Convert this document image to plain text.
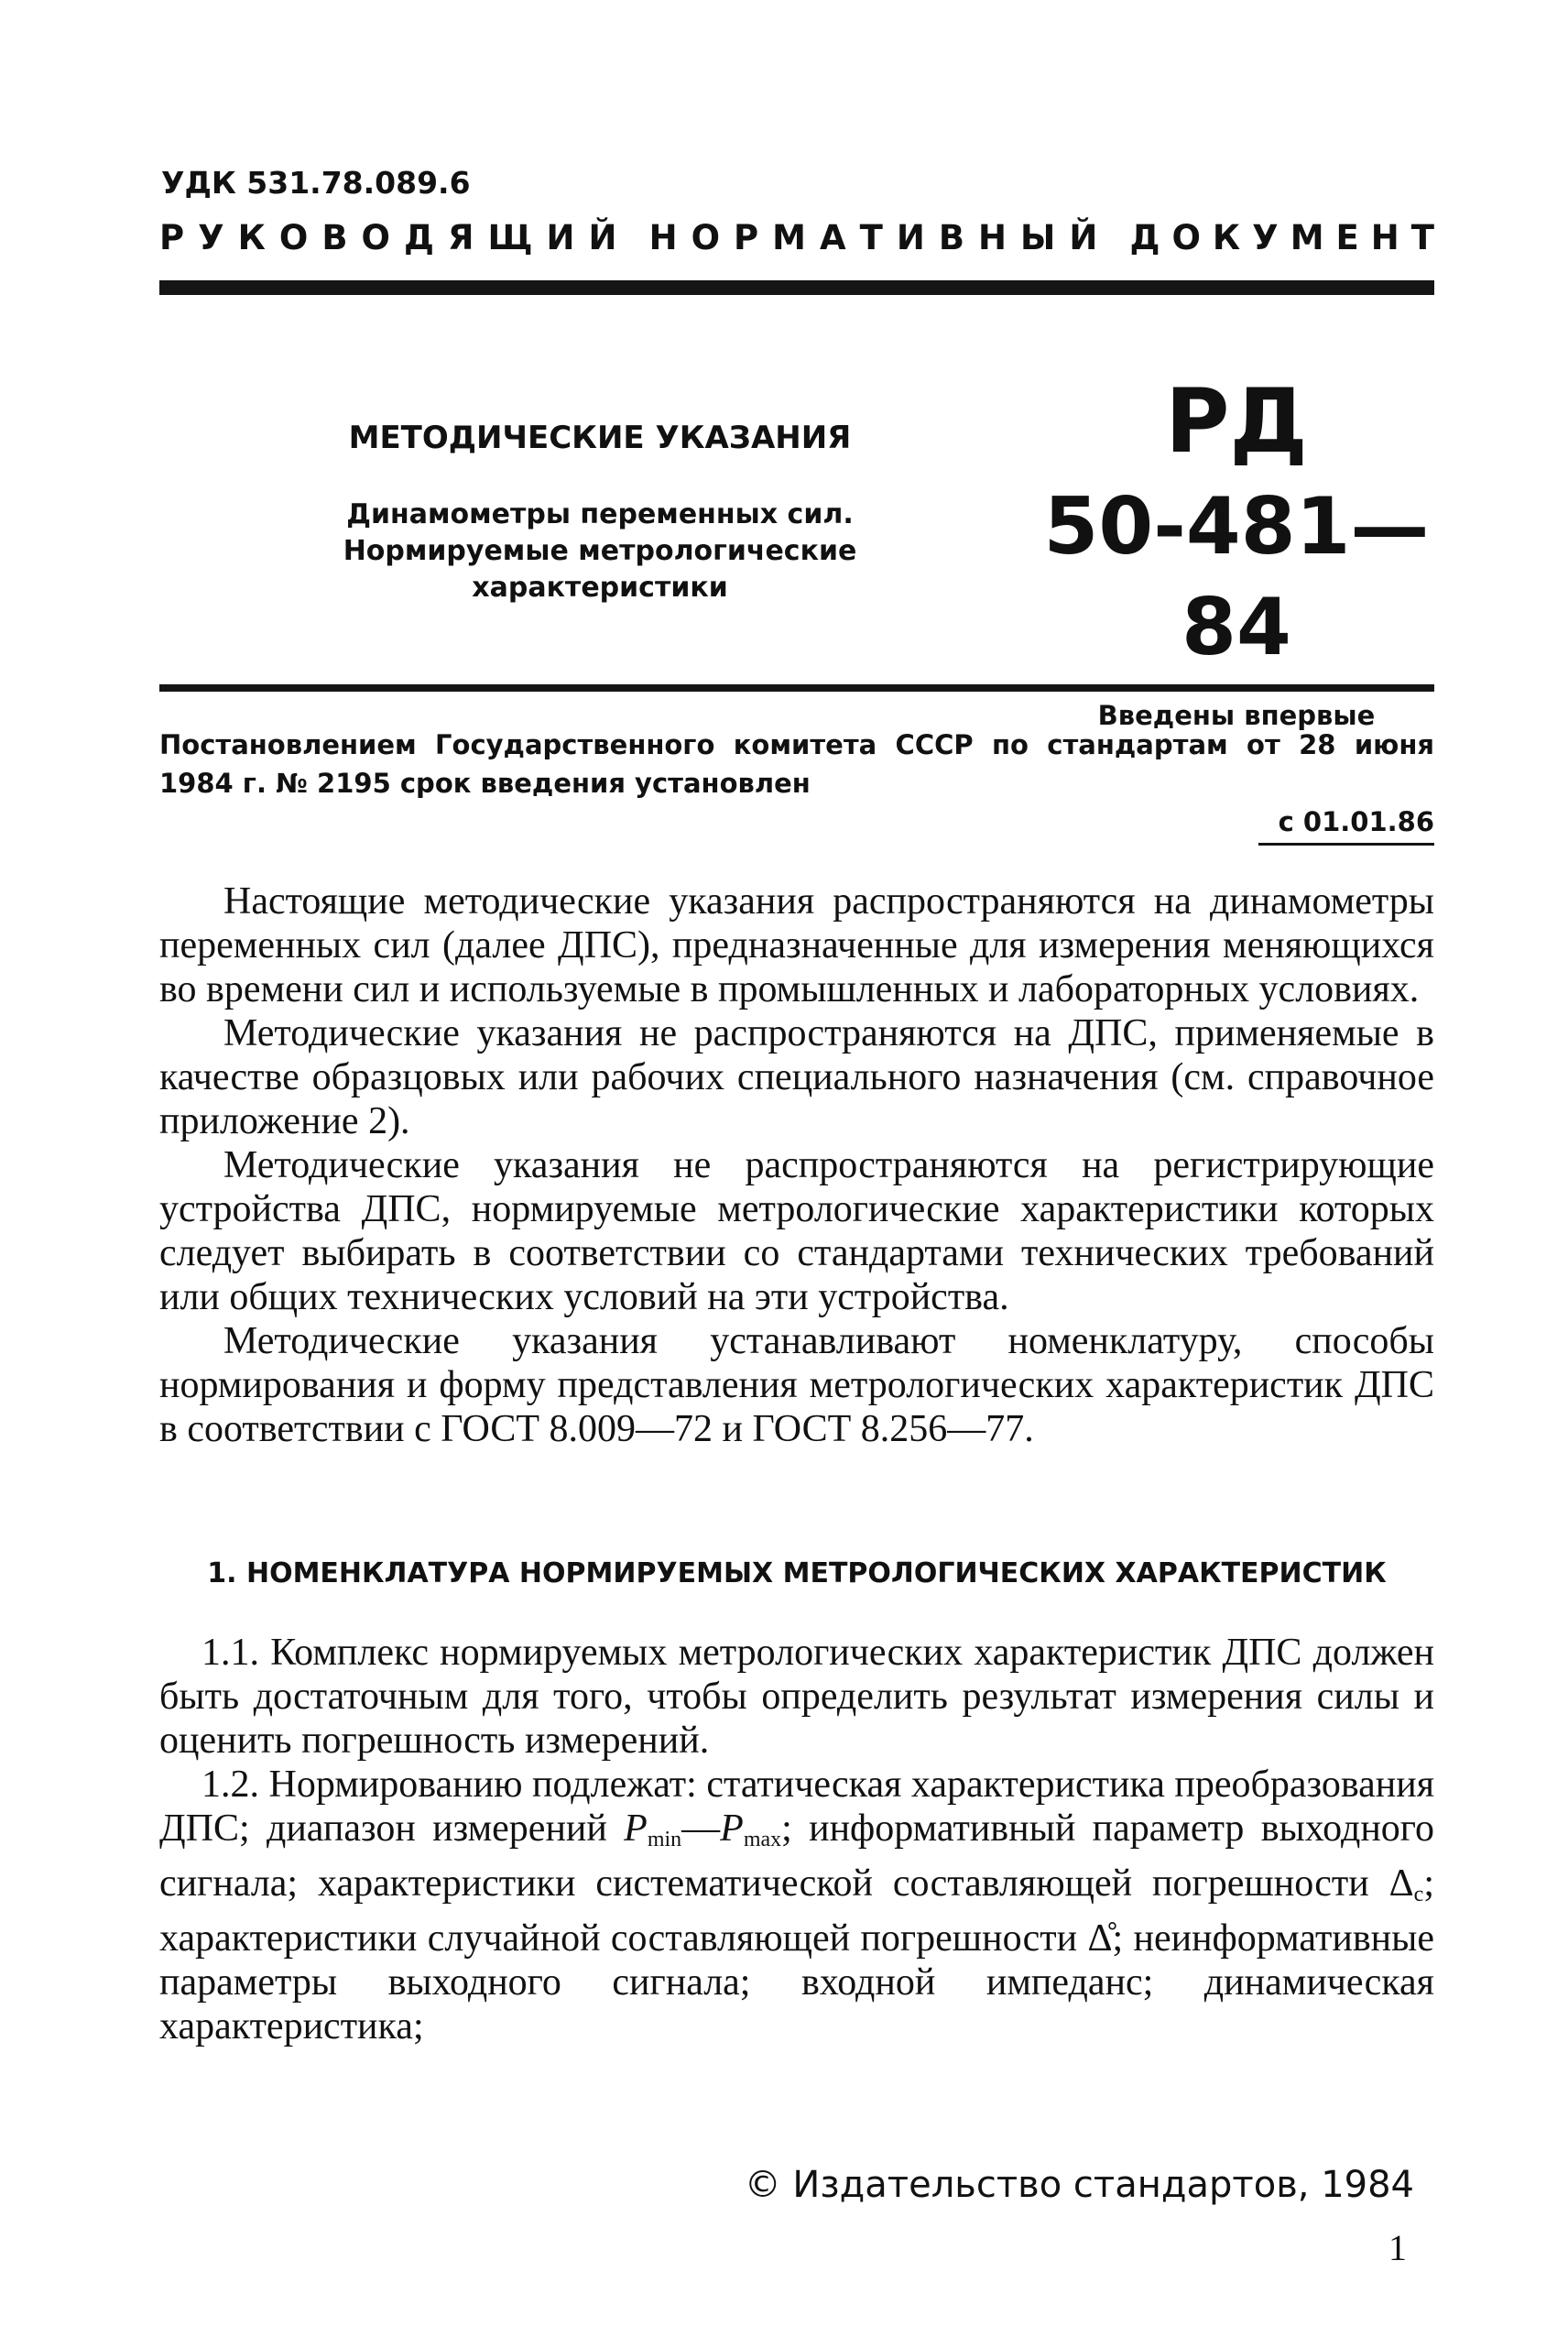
УДК 531.78.089.6
РУКОВОДЯЩИЙ НОРМАТИВНЫЙ ДОКУМЕНТ
МЕТОДИЧЕСКИЕ УКАЗАНИЯ
Динамометры переменных сил.
Нормируемые метрологические характеристики
РД
50-481—84
Введены впервые
Постановлением Государственного комитета СССР по стандартам от 28 июня 1984 г. № 2195 срок введения установлен
с 01.01.86

Настоящие методические указания распространяются на динамометры переменных сил (далее ДПС), предназначенные для измерения меняющихся во времени сил и используемые в промышленных и лабораторных условиях.

Методические указания не распространяются на ДПС, применяемые в качестве образцовых или рабочих специального назначения (см. справочное приложение 2).

Методические указания не распространяются на регистрирующие устройства ДПС, нормируемые метрологические характеристики которых следует выбирать в соответствии со стандартами технических требований или общих технических условий на эти устройства.

Методические указания устанавливают номенклатуру, способы нормирования и форму представления метрологических характеристик ДПС в соответствии с ГОСТ 8.009—72 и ГОСТ 8.256—77.

1. НОМЕНКЛАТУРА НОРМИРУЕМЫХ МЕТРОЛОГИЧЕСКИХ ХАРАКТЕРИСТИК

1.1. Комплекс нормируемых метрологических характеристик ДПС должен быть достаточным для того, чтобы определить результат измерения силы и оценить погрешность измерений.

1.2. Нормированию подлежат: статическая характеристика преобразования ДПС; диапазон измерений $P_{min}—P_{max}$; информативный параметр выходного сигнала; характеристики систематической составляющей погрешности $\Delta_c$; характеристики случайной составляющей погрешности Δ̊; неинформативные параметры выходного сигнала; входной импеданс; динамическая характеристика;

© Издательство стандартов, 1984
1
